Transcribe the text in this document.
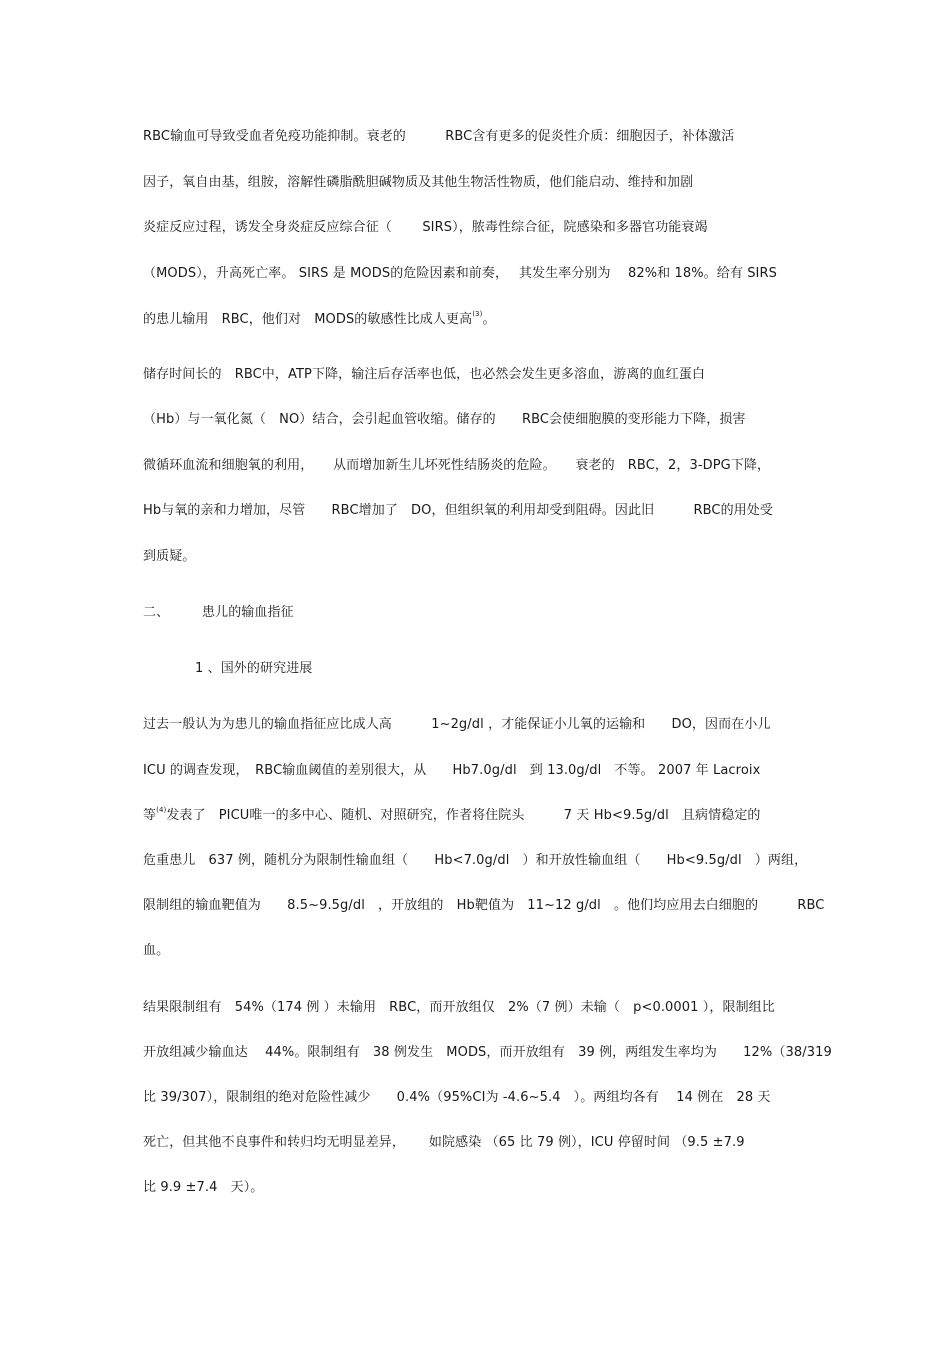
RBC输血可导致受血者免疫功能抑制。衰老的　　　RBC含有更多的促炎性介质：细胞因子，补体激活
因子，氧自由基，组胺，溶解性磷脂酰胆碱物质及其他生物活性物质，他们能启动、维持和加剧
炎症反应过程，诱发全身炎症反应综合征（　　 SIRS），脓毒性综合征，院感染和多器官功能衰竭
（MODS），升高死亡率。 SIRS 是 MODS的危险因素和前奏，　 其发生率分别为　 82%和 18%。给有 SIRS
的患儿输用　RBC，他们对　MODS的敏感性比成人更高$^{(3)}$。
储存时间长的　RBC中，ATP下降，输注后存活率也低，也必然会发生更多溶血，游离的血红蛋白
（Hb）与一氧化氮（　NO）结合，会引起血管收缩。储存的　　RBC会使细胞膜的变形能力下降，损害
微循环血流和细胞氧的利用，　　从而增加新生儿坏死性结肠炎的危险。　　衰老的　RBC，2，3-DPG下降，
Hb与氧的亲和力增加，尽管　　RBC增加了　DO，但组织氧的利用却受到阻碍。因此旧　　　RBC的用处受
到质疑。
二、　　　患儿的输血指征
1 、国外的研究进展
过去一般认为为患儿的输血指征应比成人高　　　1~2g/dl ，才能保证小儿氧的运输和　　DO，因而在小儿
ICU 的调查发现，　RBC输血阈值的差别很大，从　　Hb7.0g/dl　到 13.0g/dl　不等。 2007 年 Lacroix
等$^{(4)}$发表了　PICU唯一的多中心、随机、对照研究，作者将住院头　　　7 天 Hb<9.5g/dl　且病情稳定的
危重患儿　637 例，随机分为限制性输血组（　　Hb<7.0g/dl　）和开放性输血组（　　Hb<9.5g/dl　）两组，
限制组的输血靶值为　　8.5~9.5g/dl　，开放组的　Hb靶值为　11~12 g/dl　。他们均应用去白细胞的　　　RBC
血。
结果限制组有　54%（174 例 ）未输用　RBC，而开放组仅　2%（7 例）未输（　p<0.0001 ），限制组比
开放组减少输血达　 44%。限制组有　38 例发生　MODS，而开放组有　39 例，两组发生率均为　　12%（38/319
比 39/307），限制组的绝对危险性减少　　0.4%（95%CI为 -4.6~5.4　）。两组均各有　 14 例在　28 天
死亡，但其他不良事件和转归均无明显差异，　　 如院感染 （65 比 79 例），ICU 停留时间 （9.5 ±7.9
比 9.9 ±7.4　天）。
